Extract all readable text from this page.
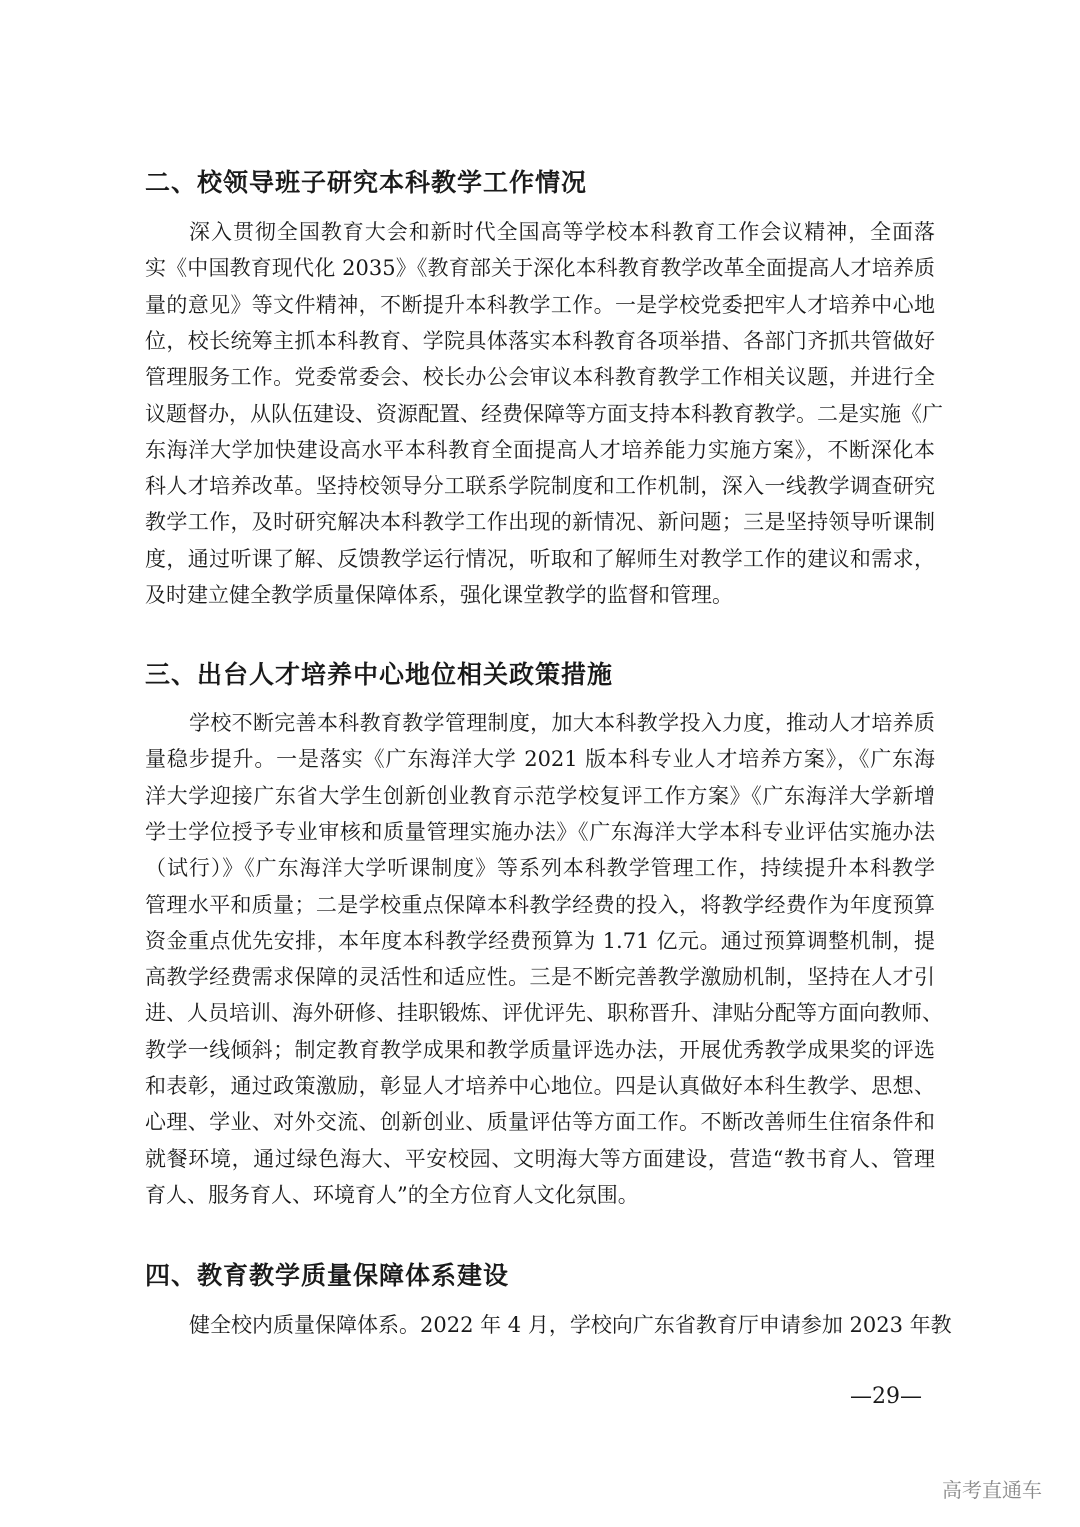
二、校领导班子研究本科教学工作情况
深入贯彻全国教育大会和新时代全国高等学校本科教育工作会议精神，全面落
实《中国教育现代化 2035》《教育部关于深化本科教育教学改革全面提高人才培养质
量的意见》等文件精神，不断提升本科教学工作。一是学校党委把牢人才培养中心地
位，校长统筹主抓本科教育、学院具体落实本科教育各项举措、各部门齐抓共管做好
管理服务工作。党委常委会、校长办公会审议本科教育教学工作相关议题，并进行全
议题督办，从队伍建设、资源配置、经费保障等方面支持本科教育教学。二是实施《广
东海洋大学加快建设高水平本科教育全面提高人才培养能力实施方案》，不断深化本
科人才培养改革。坚持校领导分工联系学院制度和工作机制，深入一线教学调查研究
教学工作，及时研究解决本科教学工作出现的新情况、新问题；三是坚持领导听课制
度，通过听课了解、反馈教学运行情况，听取和了解师生对教学工作的建议和需求，
及时建立健全教学质量保障体系，强化课堂教学的监督和管理。
三、出台人才培养中心地位相关政策措施
学校不断完善本科教育教学管理制度，加大本科教学投入力度，推动人才培养质
量稳步提升。一是落实《广东海洋大学 2021 版本科专业人才培养方案》，《广东海
洋大学迎接广东省大学生创新创业教育示范学校复评工作方案》《广东海洋大学新增
学士学位授予专业审核和质量管理实施办法》《广东海洋大学本科专业评估实施办法
（试行）》《广东海洋大学听课制度》等系列本科教学管理工作，持续提升本科教学
管理水平和质量；二是学校重点保障本科教学经费的投入，将教学经费作为年度预算
资金重点优先安排，本年度本科教学经费预算为 1.71 亿元。通过预算调整机制，提
高教学经费需求保障的灵活性和适应性。三是不断完善教学激励机制，坚持在人才引
进、人员培训、海外研修、挂职锻炼、评优评先、职称晋升、津贴分配等方面向教师、
教学一线倾斜；制定教育教学成果和教学质量评选办法，开展优秀教学成果奖的评选
和表彰，通过政策激励，彰显人才培养中心地位。四是认真做好本科生教学、思想、
心理、学业、对外交流、创新创业、质量评估等方面工作。不断改善师生住宿条件和
就餐环境，通过绿色海大、平安校园、文明海大等方面建设，营造“教书育人、管理
育人、服务育人、环境育人”的全方位育人文化氛围。
四、教育教学质量保障体系建设
健全校内质量保障体系。2022 年 4 月，学校向广东省教育厅申请参加 2023 年教
—29—
高考直通车
